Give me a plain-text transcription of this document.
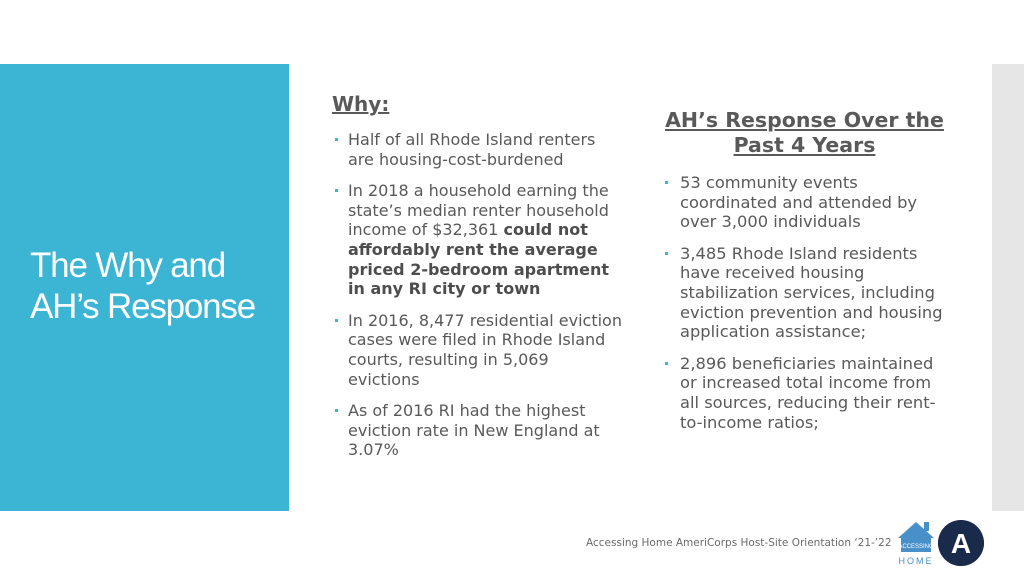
The Why and
AH’s Response
Why:
Half of all Rhode Island renters are housing-cost-burdened
In 2018 a household earning the state’s median renter household income of $32,361 could not affordably rent the average priced 2-bedroom apartment in any RI city or town
In 2016, 8,477 residential eviction cases were filed in Rhode Island courts, resulting in 5,069 evictions
As of 2016 RI had the highest eviction rate in New England at 3.07%
AH’s Response Over the Past 4 Years
53 community events coordinated and attended by over 3,000 individuals
3,485 Rhode Island residents have received housing stabilization services, including eviction prevention and housing application assistance;
2,896 beneficiaries maintained or increased total income from all sources, reducing their rent-to-income ratios;
Accessing Home AmeriCorps Host-Site Orientation ‘21-’22 ACCESSING
HOME
A
